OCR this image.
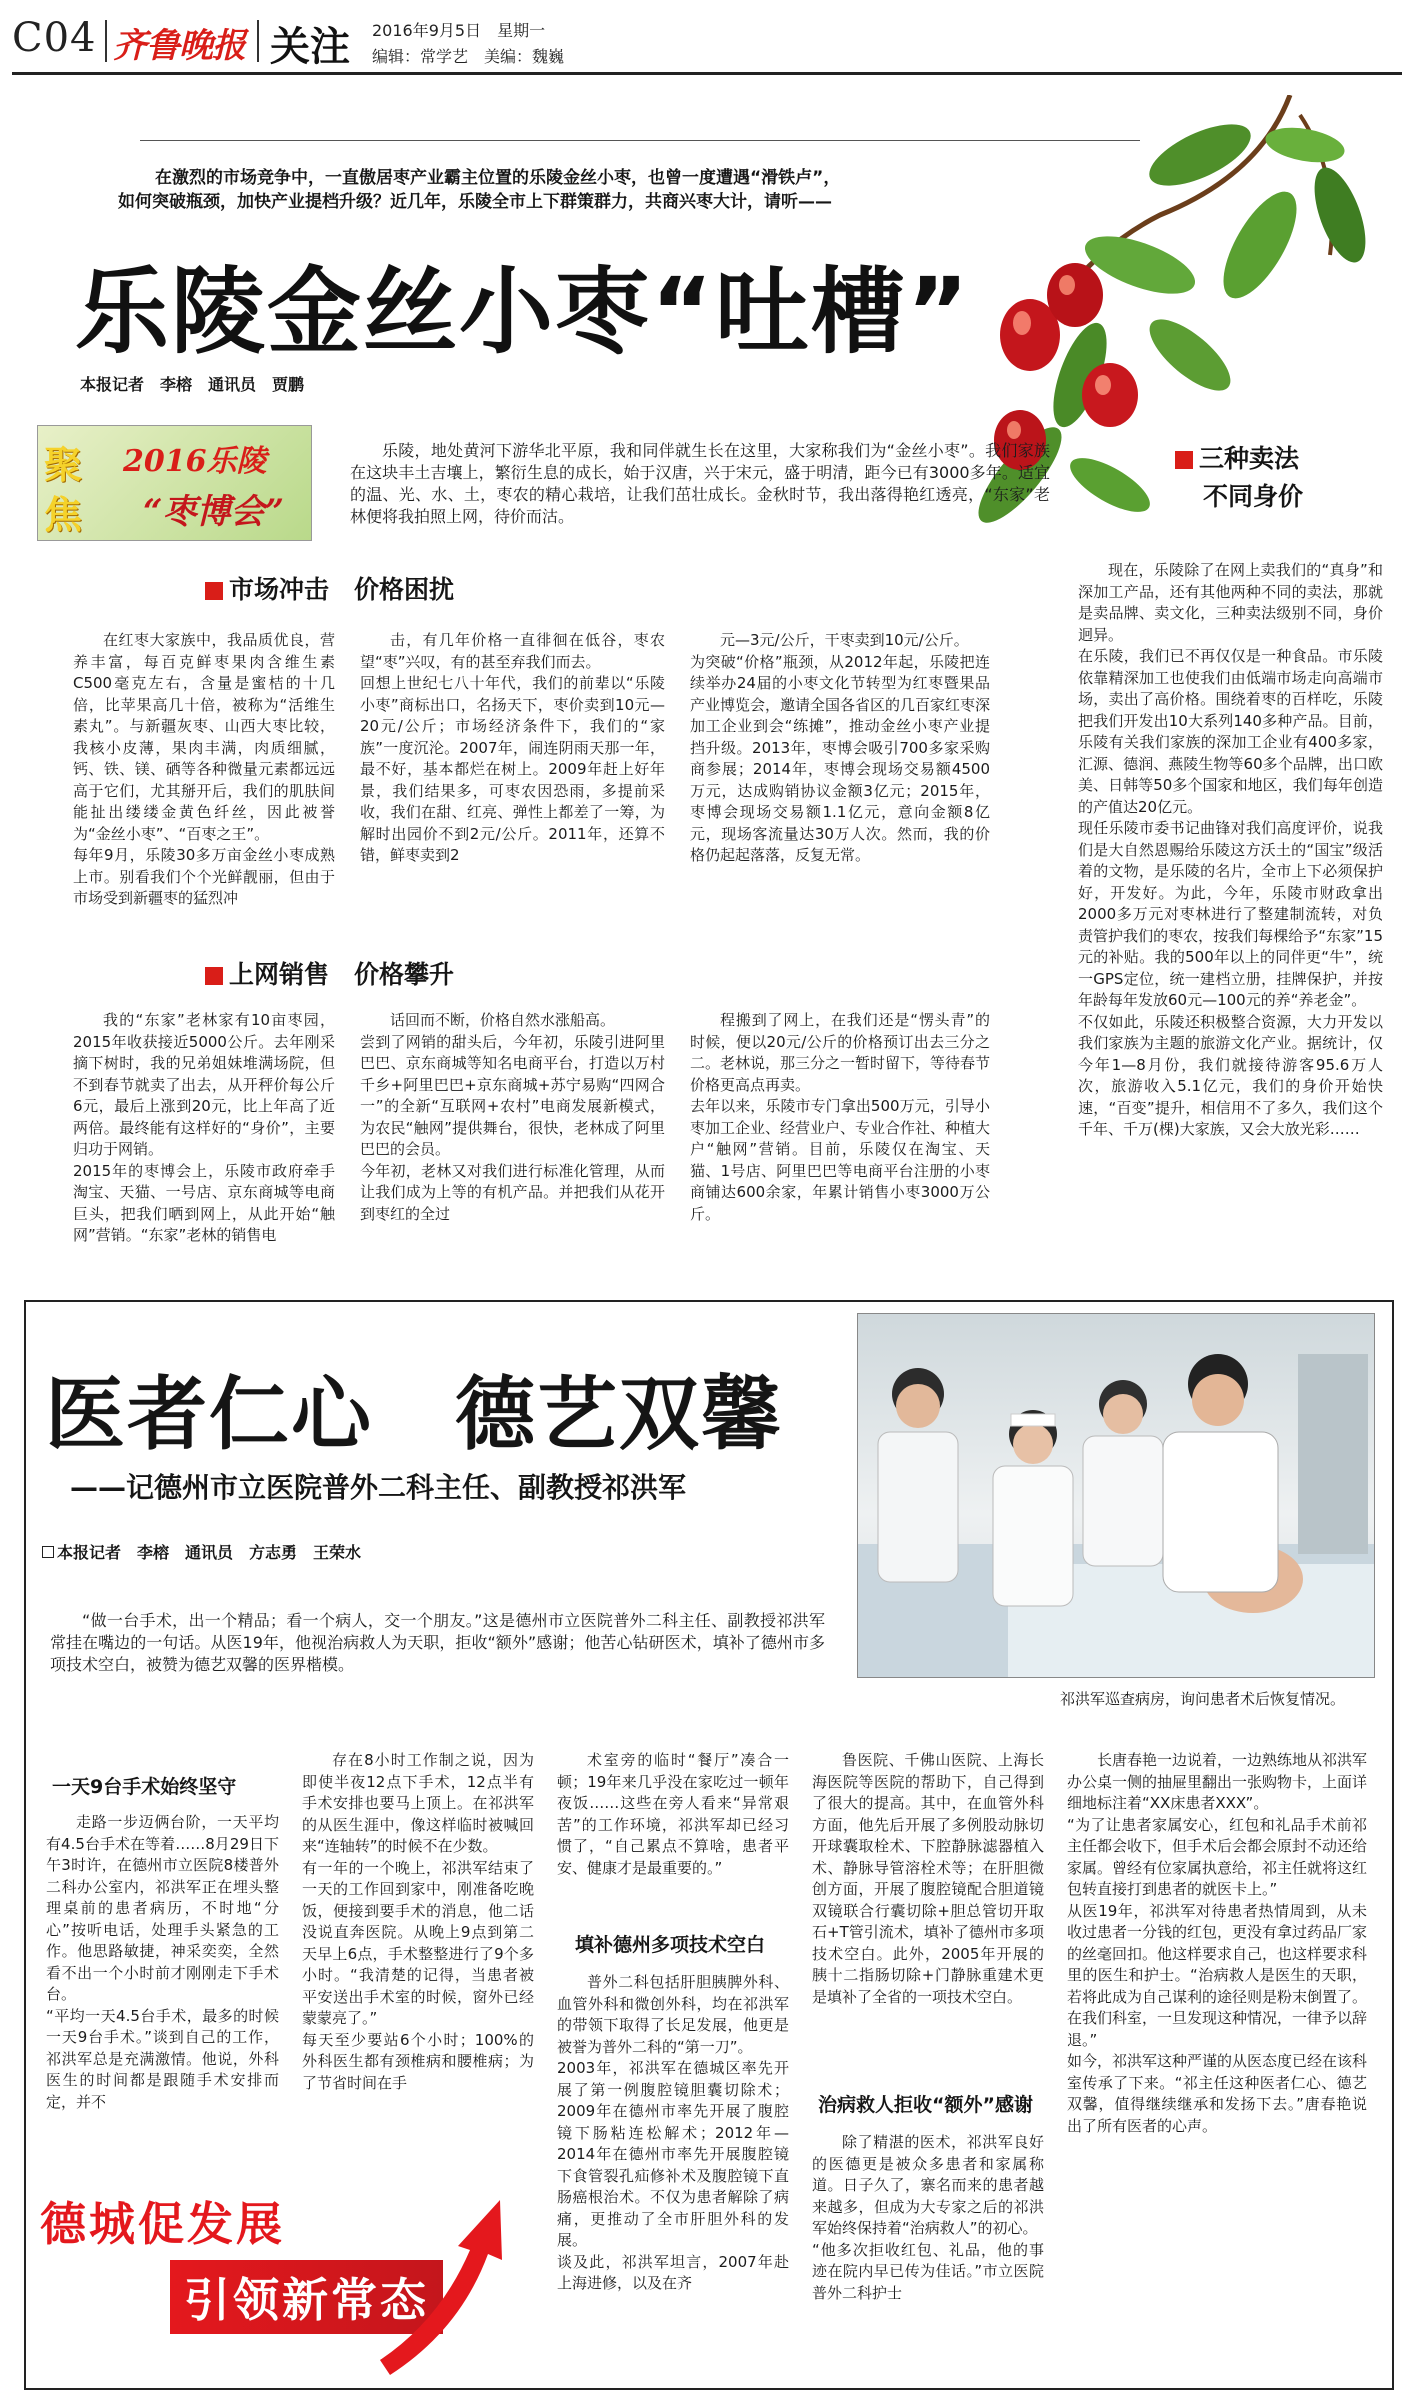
C04 齐鲁晚报 关注 2016年9月5日　 星期一
编辑：常学艺　 美编：魏巍
在激烈的市场竞争中，一直傲居枣产业霸主位置的乐陵金丝小枣，也曾一度遭遇“滑铁卢”，
如何突破瓶颈，加快产业提档升级？近几年，乐陵全市上下群策群力，共商兴枣大计，请听——
乐陵金丝小枣“吐槽”
本报记者　李榕　通讯员　贾鹏
聚
焦
2016乐陵
“枣博会”
乐陵，地处黄河下游华北平原，我和同伴就生长在这里，大家称我们为“金丝小枣”。我们家族在这块丰土吉壤上，繁衍生息的成长，始于汉唐，兴于宋元，盛于明清，距今已有3000多年。适宜的温、光、水、土，枣农的精心栽培，让我们茁壮成长。金秋时节，我出落得艳红透亮，“东家”老林便将我拍照上网，待价而沽。
市场冲击　价格困扰
在红枣大家族中，我品质优良，营养丰富，每百克鲜枣果肉含维生素C500毫克左右，含量是蜜桔的十几倍，比苹果高几十倍，被称为“活维生素丸”。与新疆灰枣、山西大枣比较，我核小皮薄，果肉丰满，肉质细腻，钙、铁、镁、硒等各种微量元素都远远高于它们，尤其掰开后，我们的肌肤间能扯出缕缕金黄色纤丝，因此被誉为“金丝小枣”、“百枣之王”。
每年9月，乐陵30多万亩金丝小枣成熟上市。别看我们个个光鲜靓丽，但由于市场受到新疆枣的猛烈冲
击，有几年价格一直徘徊在低谷，枣农望“枣”兴叹，有的甚至弃我们而去。
回想上世纪七八十年代，我们的前辈以“乐陵小枣”商标出口，名扬天下，枣价卖到10元—20元/公斤；市场经济条件下，我们的“家族”一度沉沦。2007年，闹连阴雨天那一年，最不好，基本都烂在树上。2009年赶上好年景，我们结果多，可枣农因恐雨，多提前采收，我们在甜、红亮、弹性上都差了一筹，为解时出园价不到2元/公斤。2011年，还算不错，鲜枣卖到2
元—3元/公斤，干枣卖到10元/公斤。
为突破“价格”瓶颈，从2012年起，乐陵把连续举办24届的小枣文化节转型为红枣暨果品产业博览会，邀请全国各省区的几百家红枣深加工企业到会“练摊”，推动金丝小枣产业提挡升级。2013年，枣博会吸引700多家采购商参展；2014年，枣博会现场交易额4500万元，达成购销协议金额3亿元；2015年，枣博会现场交易额1.1亿元，意向金额8亿元，现场客流量达30万人次。然而，我的价格仍起起落落，反复无常。
上网销售　价格攀升
我的“东家”老林家有10亩枣园，2015年收获接近5000公斤。去年刚采摘下树时，我的兄弟姐妹堆满场院，但不到春节就卖了出去，从开秤价每公斤6元，最后上涨到20元，比上年高了近两倍。最终能有这样好的“身价”，主要归功于网销。
2015年的枣博会上，乐陵市政府牵手淘宝、天猫、一号店、京东商城等电商巨头，把我们晒到网上，从此开始“触网”营销。“东家”老林的销售电
话回而不断，价格自然水涨船高。
尝到了网销的甜头后，今年初，乐陵引进阿里巴巴、京东商城等知名电商平台，打造以万村千乡+阿里巴巴+京东商城+苏宁易购“四网合一”的全新“互联网+农村”电商发展新模式，为农民“触网”提供舞台，很快，老林成了阿里巴巴的会员。
今年初，老林又对我们进行标准化管理，从而让我们成为上等的有机产品。并把我们从花开到枣红的全过
程搬到了网上，在我们还是“愣头青”的时候，便以20元/公斤的价格预订出去三分之二。老林说，那三分之一暂时留下，等待春节价格更高点再卖。
去年以来，乐陵市专门拿出500万元，引导小枣加工企业、经营业户、专业合作社、种植大户“触网”营销。目前，乐陵仅在淘宝、天猫、1号店、阿里巴巴等电商平台注册的小枣商铺达600余家，年累计销售小枣3000万公斤。
三种卖法
不同身价
现在，乐陵除了在网上卖我们的“真身”和深加工产品，还有其他两种不同的卖法，那就是卖品牌、卖文化，三种卖法级别不同，身价迥异。
在乐陵，我们已不再仅仅是一种食品。市乐陵依靠精深加工也使我们由低端市场走向高端市场，卖出了高价格。围绕着枣的百样吃，乐陵把我们开发出10大系列140多种产品。目前，乐陵有关我们家族的深加工企业有400多家，汇源、德润、燕陵生物等60多个品牌，出口欧美、日韩等50多个国家和地区，我们每年创造的产值达20亿元。
现任乐陵市委书记曲锋对我们高度评价，说我们是大自然恩赐给乐陵这方沃土的“国宝”级活着的文物，是乐陵的名片，全市上下必须保护好，开发好。为此，今年，乐陵市财政拿出2000多万元对枣林进行了整建制流转，对负责管护我们的枣农，按我们每棵给予“东家”15元的补贴。我的500年以上的同伴更“牛”，统一GPS定位，统一建档立册，挂牌保护，并按年龄每年发放60元—100元的养“养老金”。
不仅如此，乐陵还积极整合资源，大力开发以我们家族为主题的旅游文化产业。据统计，仅今年1—8月份，我们就接待游客95.6万人次，旅游收入5.1亿元，我们的身价开始快速，“百变”提升，相信用不了多久，我们这个千年、千万(棵)大家族，又会大放光彩……
医者仁心　德艺双馨
——记德州市立医院普外二科主任、副教授祁洪军
本报记者　李榕　通讯员　方志勇　王荣水
“做一台手术，出一个精品；看一个病人，交一个朋友。”这是德州市立医院普外二科主任、副教授祁洪军常挂在嘴边的一句话。从医19年，他视治病救人为天职，拒收“额外”感谢；他苦心钻研医术，填补了德州市多项技术空白，被赞为德艺双馨的医界楷模。
祁洪军巡查病房，询问患者术后恢复情况。
一天9台手术始终坚守
走路一步迈俩台阶，一天平均有4.5台手术在等着……8月29日下午3时许，在德州市立医院8楼普外二科办公室内，祁洪军正在埋头整理桌前的患者病历，不时地“分心”按听电话，处理手头紧急的工作。他思路敏捷，神采奕奕，全然看不出一个小时前才刚刚走下手术台。
“平均一天4.5台手术，最多的时候一天9台手术。”谈到自己的工作，祁洪军总是充满激情。他说，外科医生的时间都是跟随手术安排而定，并不
存在8小时工作制之说，因为即使半夜12点下手术，12点半有手术安排也要马上顶上。在祁洪军的从医生涯中，像这样临时被喊回来“连轴转”的时候不在少数。
有一年的一个晚上，祁洪军结束了一天的工作回到家中，刚准备吃晚饭，便接到要手术的消息，他二话没说直奔医院。从晚上9点到第二天早上6点，手术整整进行了9个多小时。“我清楚的记得，当患者被平安送出手术室的时候，窗外已经蒙蒙亮了。”
每天至少要站6个小时；100%的外科医生都有颈椎病和腰椎病；为了节省时间在手
术室旁的临时“餐厅”凑合一顿；19年来几乎没在家吃过一顿年夜饭……这些在旁人看来“异常艰苦”的工作环境，祁洪军却已经习惯了，“自己累点不算啥，患者平安、健康才是最重要的。”
填补德州多项技术空白
普外二科包括肝胆胰脾外科、血管外科和微创外科，均在祁洪军的带领下取得了长足发展，他更是被誉为普外二科的“第一刀”。
2003年，祁洪军在德城区率先开展了第一例腹腔镜胆囊切除术；2009年在德州市率先开展了腹腔镜下肠粘连松解术；2012年—2014年在德州市率先开展腹腔镜下食管裂孔疝修补术及腹腔镜下直肠癌根治术。不仅为患者解除了病痛，更推动了全市肝胆外科的发展。
谈及此，祁洪军坦言，2007年赴上海进修，以及在齐
鲁医院、千佛山医院、上海长海医院等医院的帮助下，自己得到了很大的提高。其中，在血管外科方面，他先后开展了多例股动脉切开球囊取栓术、下腔静脉滤器植入术、静脉导管溶栓术等；在肝胆微创方面，开展了腹腔镜配合胆道镜双镜联合行囊切除+胆总管切开取石+T管引流术，填补了德州市多项技术空白。此外，2005年开展的胰十二指肠切除+门静脉重建术更是填补了全省的一项技术空白。
治病救人拒收“额外”感谢
除了精湛的医术，祁洪军良好的医德更是被众多患者和家属称道。日子久了，寨名而来的患者越来越多，但成为大专家之后的祁洪军始终保持着“治病救人”的初心。
“他多次拒收红包、礼品，他的事迹在院内早已传为佳话。”市立医院普外二科护士
长唐春艳一边说着，一边熟练地从祁洪军办公桌一侧的抽屉里翻出一张购物卡，上面详细地标注着“XX床患者XXX”。
“为了让患者家属安心，红包和礼品手术前祁主任都会收下，但手术后会都会原封不动还给家属。曾经有位家属执意给，祁主任就将这红包转直接打到患者的就医卡上。”
从医19年，祁洪军对待患者热情周到，从未收过患者一分钱的红包，更没有拿过药品厂家的丝毫回扣。他这样要求自己，也这样要求科里的医生和护士。“治病救人是医生的天职，若将此成为自己谋利的途径则是粉末倒置了。在我们科室，一旦发现这种情况，一律予以辞退。”
如今，祁洪军这种严谨的从医态度已经在该科室传承了下来。“祁主任这种医者仁心、德艺双馨，值得继续继承和发扬下去。”唐春艳说出了所有医者的心声。
德城促发展
引领新常态
